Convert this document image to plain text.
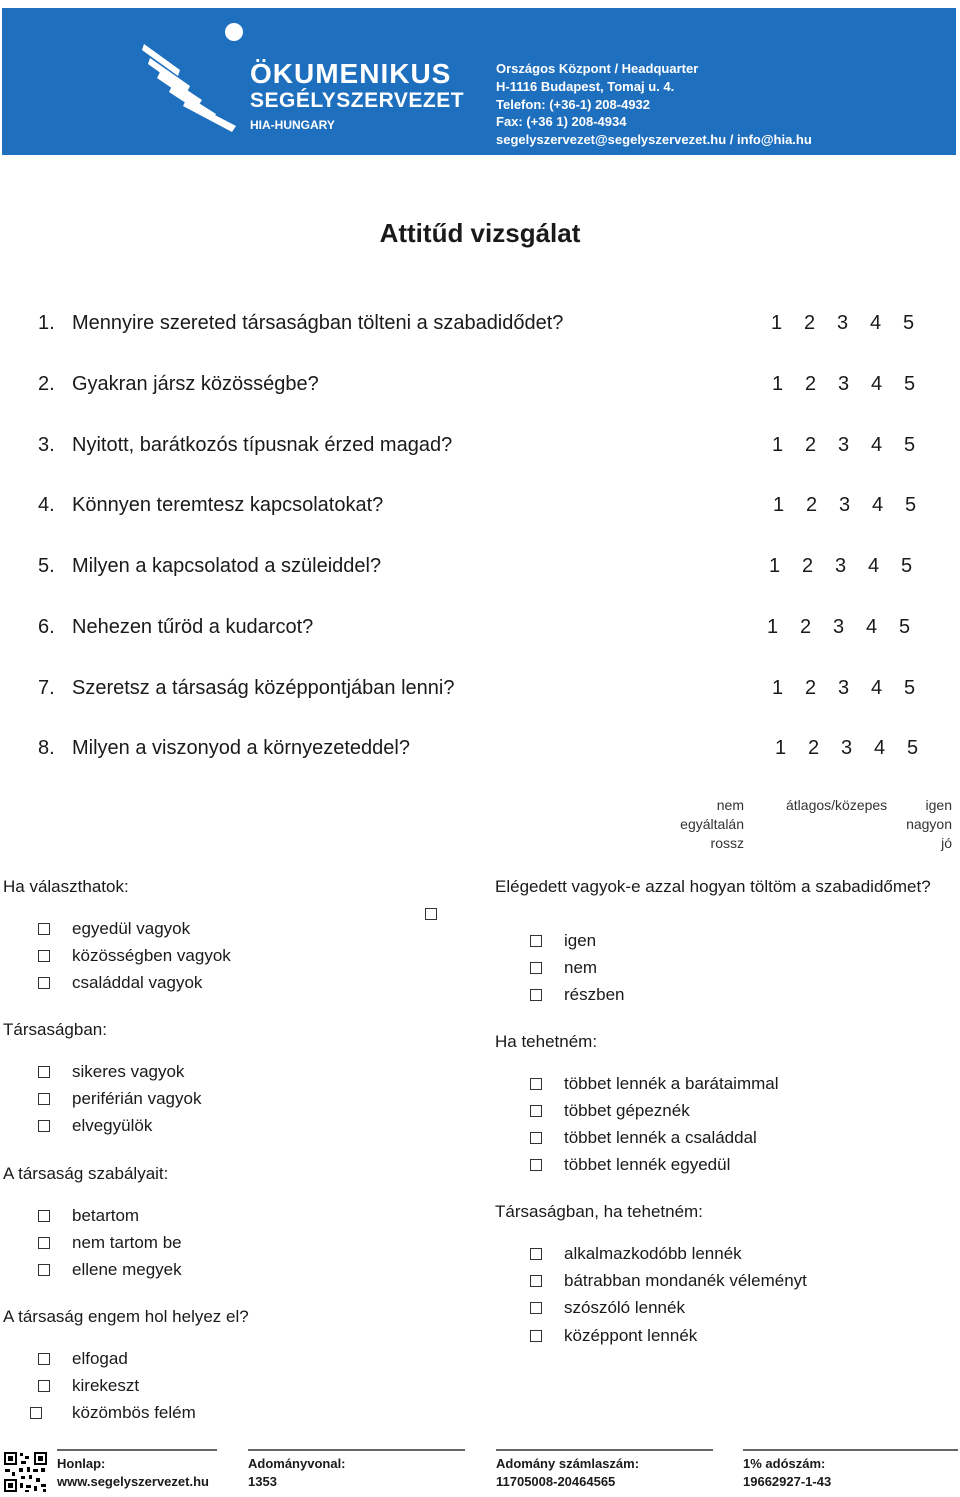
ÖKUMENIKUS
SEGÉLYSZERVEZET
HIA-HUNGARY
Országos Központ / Headquarter
H-1116 Budapest, Tomaj u. 4.
Telefon: (+36-1) 208-4932
Fax: (+36 1) 208-4934
segelyszervezet@segelyszervezet.hu / info@hia.hu
Attitűd vizsgálat
1. Mennyire szereted társaságban tölteni a szabadidődet?
2. Gyakran jársz közösségbe?
3. Nyitott, barátkozós típusnak érzed magad?
4. Könnyen teremtesz kapcsolatokat?
5. Milyen a kapcsolatod a szüleiddel?
6. Nehezen tűröd a kudarcot?
7. Szeretsz a társaság középpontjában lenni?
8. Milyen a viszonyod a környezeteddel?
1 2 3 4 5
1 2 3 4 5
1 2 3 4 5
1 2 3 4 5
1 2 3 4 5
1 2 3 4 5
1 2 3 4 5
1 2 3 4 5
nem
egyáltalán
rossz
átlagos/közepes	igen
nagyon
jó
Ha választhatok:
egyedül vagyok
közösségben vagyok
családdal vagyok
Társaságban:
sikeres vagyok
periférián vagyok
elvegyülök
A társaság szabályait:
betartom
nem tartom be
ellene megyek
A társaság engem hol helyez el?
elfogad
kirekeszt
közömbös felém
Elégedett vagyok-e azzal hogyan töltöm a szabadidőmet?
igen
nem
részben
Ha tehetném:
többet lennék a barátaimmal
többet gépeznék
többet lennék a családdal
többet lennék egyedül
Társaságban, ha tehetném:
alkalmazkodóbb lennék
bátrabban mondanék véleményt
szószóló lennék
középpont lennék
Honlap:
www.segelyszervezet.hu
Adományvonal:
1353
Adomány számlaszám:
11705008-20464565
1% adószám:
19662927-1-43
